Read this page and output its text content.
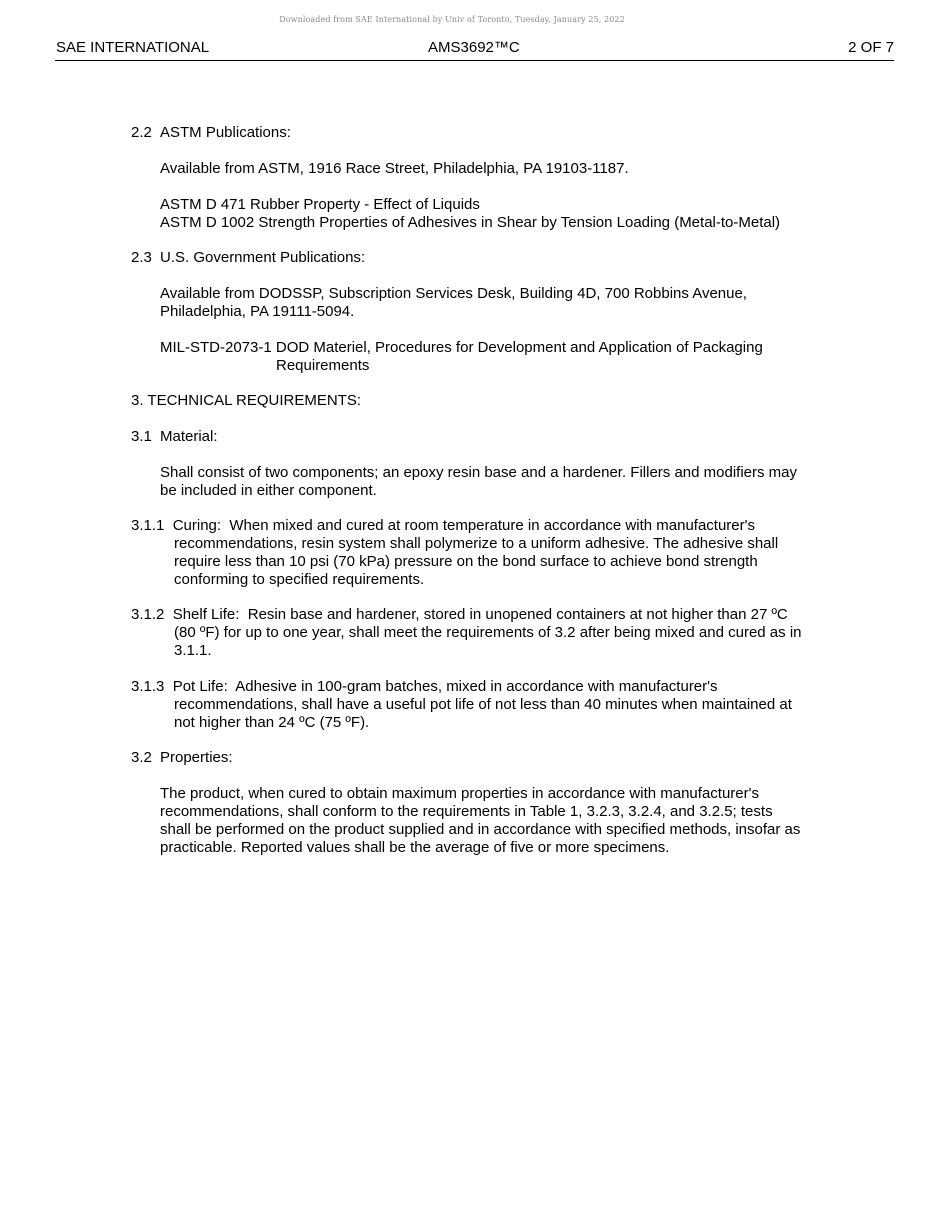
Downloaded from SAE International by Univ of Toronto, Tuesday, January 25, 2022
SAE INTERNATIONAL	AMS3692™C	2 OF 7
2.2 ASTM Publications:
Available from ASTM, 1916 Race Street, Philadelphia, PA 19103-1187.
ASTM D 471 Rubber Property - Effect of Liquids
ASTM D 1002 Strength Properties of Adhesives in Shear by Tension Loading (Metal-to-Metal)
2.3 U.S. Government Publications:
Available from DODSSP, Subscription Services Desk, Building 4D, 700 Robbins Avenue,
Philadelphia, PA 19111-5094.
MIL-STD-2073-1 DOD Materiel, Procedures for Development and Application of Packaging
Requirements
3. TECHNICAL REQUIREMENTS:
3.1 Material:
Shall consist of two components; an epoxy resin base and a hardener. Fillers and modifiers may
be included in either component.
3.1.1  Curing:  When mixed and cured at room temperature in accordance with manufacturer's
recommendations, resin system shall polymerize to a uniform adhesive. The adhesive shall
require less than 10 psi (70 kPa) pressure on the bond surface to achieve bond strength
conforming to specified requirements.
3.1.2  Shelf Life:  Resin base and hardener, stored in unopened containers at not higher than 27 ºC
(80 ºF) for up to one year, shall meet the requirements of 3.2 after being mixed and cured as in
3.1.1.
3.1.3  Pot Life:  Adhesive in 100-gram batches, mixed in accordance with manufacturer's
recommendations, shall have a useful pot life of not less than 40 minutes when maintained at
not higher than 24 ºC (75 ºF).
3.2 Properties:
The product, when cured to obtain maximum properties in accordance with manufacturer's
recommendations, shall conform to the requirements in Table 1, 3.2.3, 3.2.4, and 3.2.5; tests
shall be performed on the product supplied and in accordance with specified methods, insofar as
practicable. Reported values shall be the average of five or more specimens.
